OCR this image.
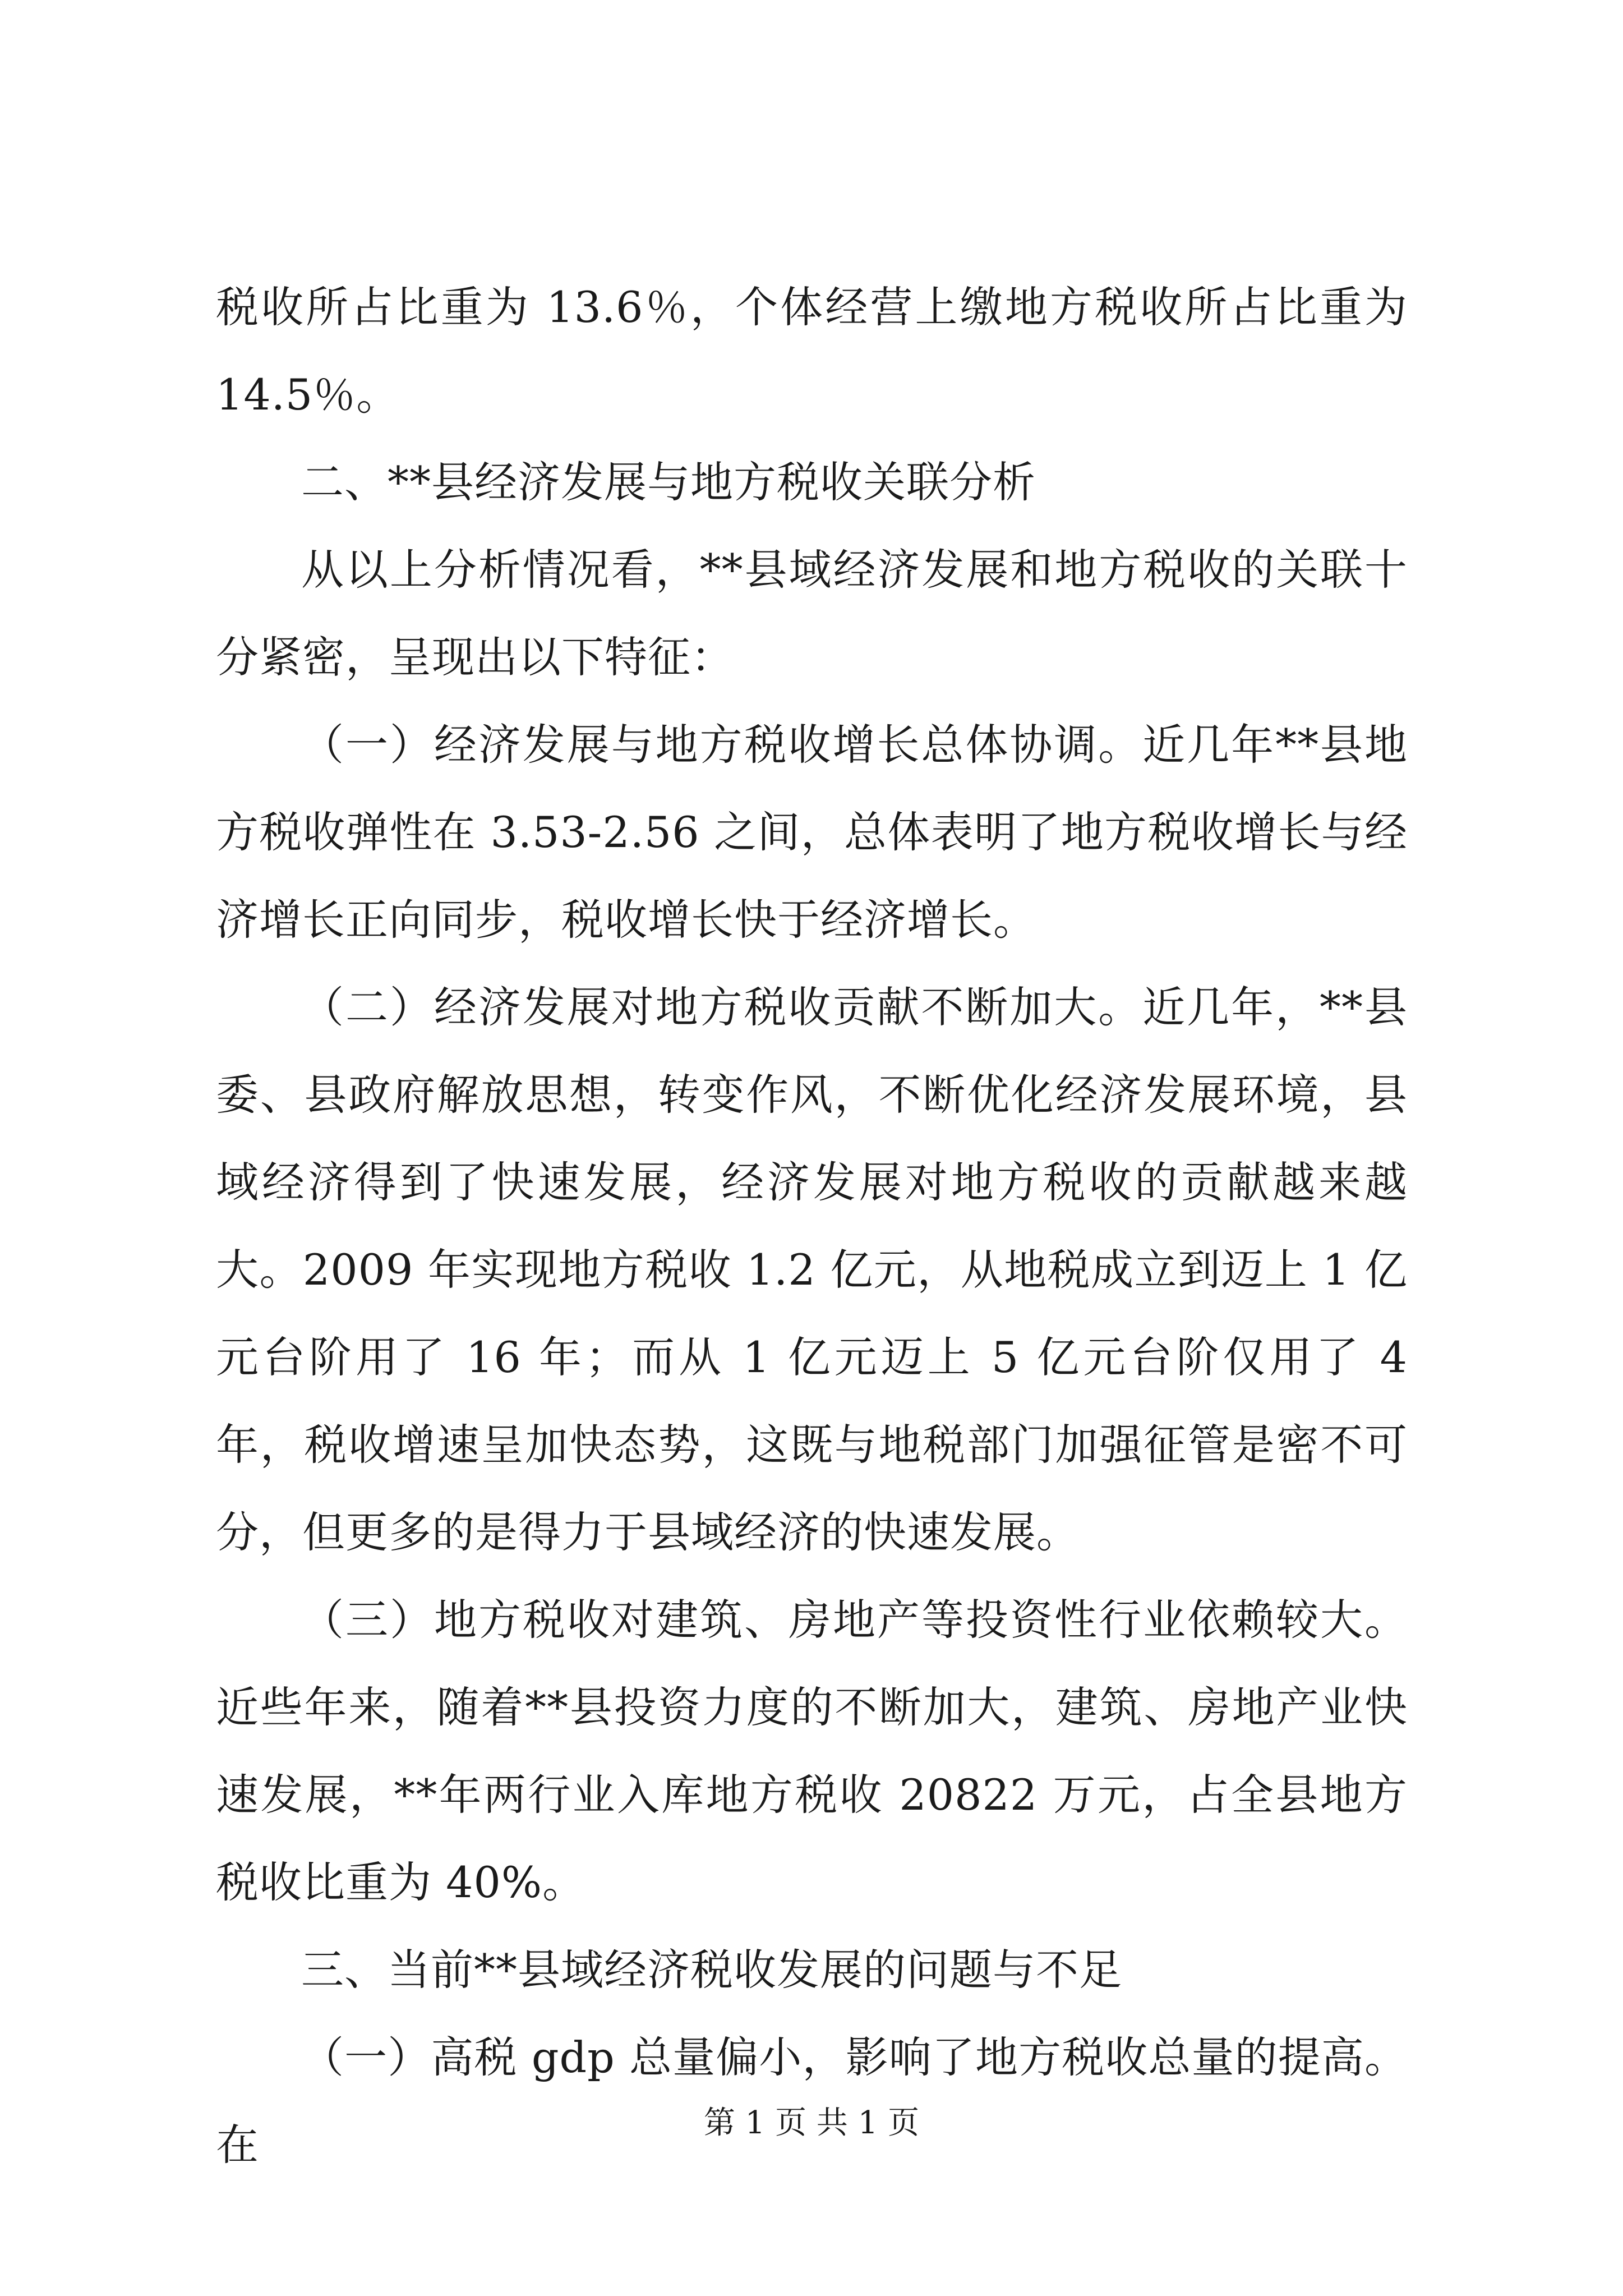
税收所占比重为 13.6％，个体经营上缴地方税收所占比重为 14.5％。

二、**县经济发展与地方税收关联分析

从以上分析情况看，**县域经济发展和地方税收的关联十分紧密，呈现出以下特征：

（一）经济发展与地方税收增长总体协调。近几年**县地方税收弹性在 3.53-2.56 之间，总体表明了地方税收增长与经济增长正向同步，税收增长快于经济增长。

（二）经济发展对地方税收贡献不断加大。近几年，**县委、县政府解放思想，转变作风，不断优化经济发展环境，县域经济得到了快速发展，经济发展对地方税收的贡献越来越大。2009 年实现地方税收 1.2 亿元，从地税成立到迈上 1 亿元台阶用了 16 年；而从 1 亿元迈上 5 亿元台阶仅用了 4 年，税收增速呈加快态势，这既与地税部门加强征管是密不可分，但更多的是得力于县域经济的快速发展。

（三）地方税收对建筑、房地产等投资性行业依赖较大。近些年来，随着**县投资力度的不断加大，建筑、房地产业快速发展，**年两行业入库地方税收 20822 万元，占全县地方税收比重为 40%。

三、当前**县域经济税收发展的问题与不足

（一）高税 gdp 总量偏小，影响了地方税收总量的提高。在	第 1 页 共 1 页
